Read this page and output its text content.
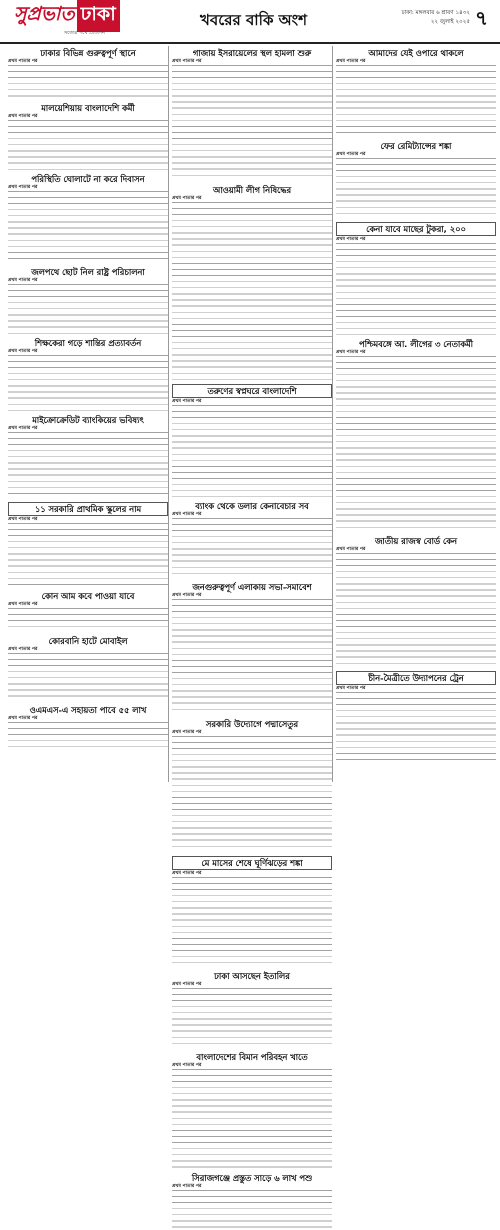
সুপ্রভাত ঢাকা
সত্যের পথে প্রতিদিন
খবরের বাকি অংশ	ঢাকা: মঙ্গলবার ৬ শ্রাবণ ১৪৩২
২২ জুলাই ২০২৫ ৭
ঢাকার বিভিন্ন গুরুত্বপূর্ণ স্থানে
প্রথম পাতার পর
মালয়েশিয়ায় বাংলাদেশি কর্মী
প্রথম পাতার পর
পরিস্থিতি ঘোলাটে না করে দিবাসন
প্রথম পাতার পর
জলপথে ছোট নিল রাষ্ট্র পরিচালনা
প্রথম পাতার পর
শিক্ষকেরা গড়ে শান্তির প্রত্যাবর্তন
প্রথম পাতার পর
মাইক্রোক্রেডিট ব্যাংকিয়ের ভবিষ্যৎ
প্রথম পাতার পর
১১ সরকারি প্রাথমিক স্কুলের নাম
প্রথম পাতার পর
কোন আম কবে পাওয়া যাবে
প্রথম পাতার পর
কোরবানি হাটে মোবাইল
প্রথম পাতার পর
ওএমএস-এ সহায়তা পাবে ৫৫ লাখ
প্রথম পাতার পর
গাজায় ইসরায়েলের স্থল হামলা শুরু
প্রথম পাতার পর
আওয়ামী লীগ নিষিদ্ধের
প্রথম পাতার পর
তরুণের স্বপ্নঘরে বাংলাদেশি
প্রথম পাতার পর
ব্যাংক থেকে ডলার কেনাবেচার সব
প্রথম পাতার পর
জনগুরুত্বপূর্ণ এলাকায় সভা-সমাবেশ
প্রথম পাতার পর
সরকারি উদ্যোগে পদ্মাসেতুর
প্রথম পাতার পর
মে মাসের শেষে ঘূর্ণিঝড়ের শঙ্কা
প্রথম পাতার পর
ঢাকা আসছেন ইতালির
প্রথম পাতার পর
বাংলাদেশের বিমান পরিবহন খাতে
প্রথম পাতার পর
সিরাজগঞ্জে প্রস্তুত সাড়ে ৬ লাখ পশু
প্রথম পাতার পর
আমাদের যেই ওপারে থাকলে
প্রথম পাতার পর
ফের রেমিট্যান্সের শঙ্কা
প্রথম পাতার পর
কেনা যাবে মাছের টুকরা, ২০০
প্রথম পাতার পর
পশ্চিমবঙ্গে আ. লীগের ৩ নেতাকর্মী
প্রথম পাতার পর
জাতীয় রাজস্ব বোর্ড কেন
প্রথম পাতার পর
চীন-মৈত্রীতে উদ্যাপনের ট্রেন
প্রথম পাতার পর
